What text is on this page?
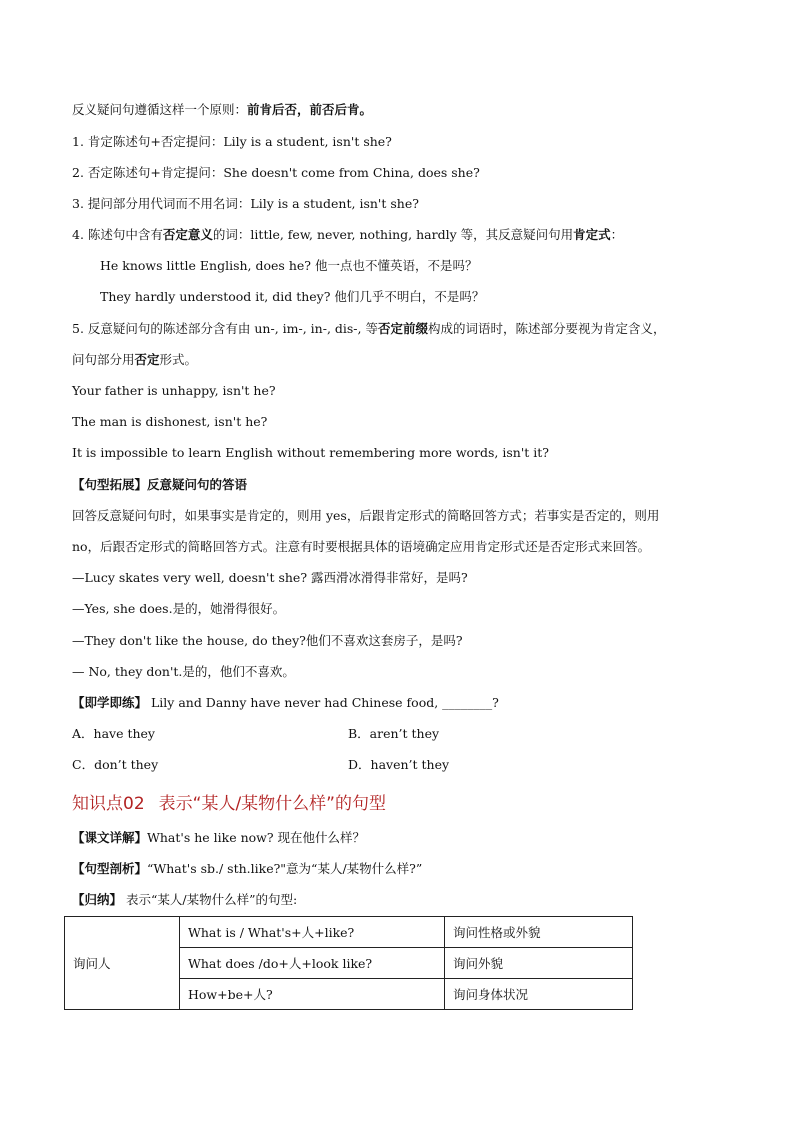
反义疑问句遵循这样一个原则：前肯后否，前否后肯。
1. 肯定陈述句+否定提问：Lily is a student, isn't she?
2. 否定陈述句+肯定提问：She doesn't come from China, does she?
3. 提问部分用代词而不用名词：Lily is a student, isn't she?
4. 陈述句中含有否定意义的词：little, few, never, nothing, hardly 等，其反意疑问句用肯定式：
He knows little English, does he? 他一点也不懂英语，不是吗？
They hardly understood it, did they? 他们几乎不明白，不是吗？
5. 反意疑问句的陈述部分含有由 un-, im-, in-, dis-, 等否定前缀构成的词语时，陈述部分要视为肯定含义，
问句部分用否定形式。
Your father is unhappy, isn't he?
The man is dishonest, isn't he?
It is impossible to learn English without remembering more words, isn't it?
【句型拓展】反意疑问句的答语
回答反意疑问句时，如果事实是肯定的，则用 yes，后跟肯定形式的简略回答方式；若事实是否定的，则用
no，后跟否定形式的简略回答方式。注意有时要根据具体的语境确定应用肯定形式还是否定形式来回答。
—Lucy skates very well, doesn't she? 露西滑冰滑得非常好，是吗?
—Yes, she does.是的，她滑得很好。
—They don't like the house, do they?他们不喜欢这套房子，是吗?
— No, they don't.是的，他们不喜欢。
【即学即练】 Lily and Danny have never had Chinese food, ________?
A．have they	B．aren’t they
C．don’t they	D．haven’t they
知识点02 表示“某人/某物什么样”的句型
【课文详解】What's he like now? 现在他什么样？
【句型剖析】“What's sb./ sth.like?"意为“某人/某物什么样?”
【归纳】 表示“某人/某物什么样”的句型:
询问人	What is / What's+人+like?	询问性格或外貌
	What does /do+人+look like?	询问外貌
	How+be+人?	询问身体状况
